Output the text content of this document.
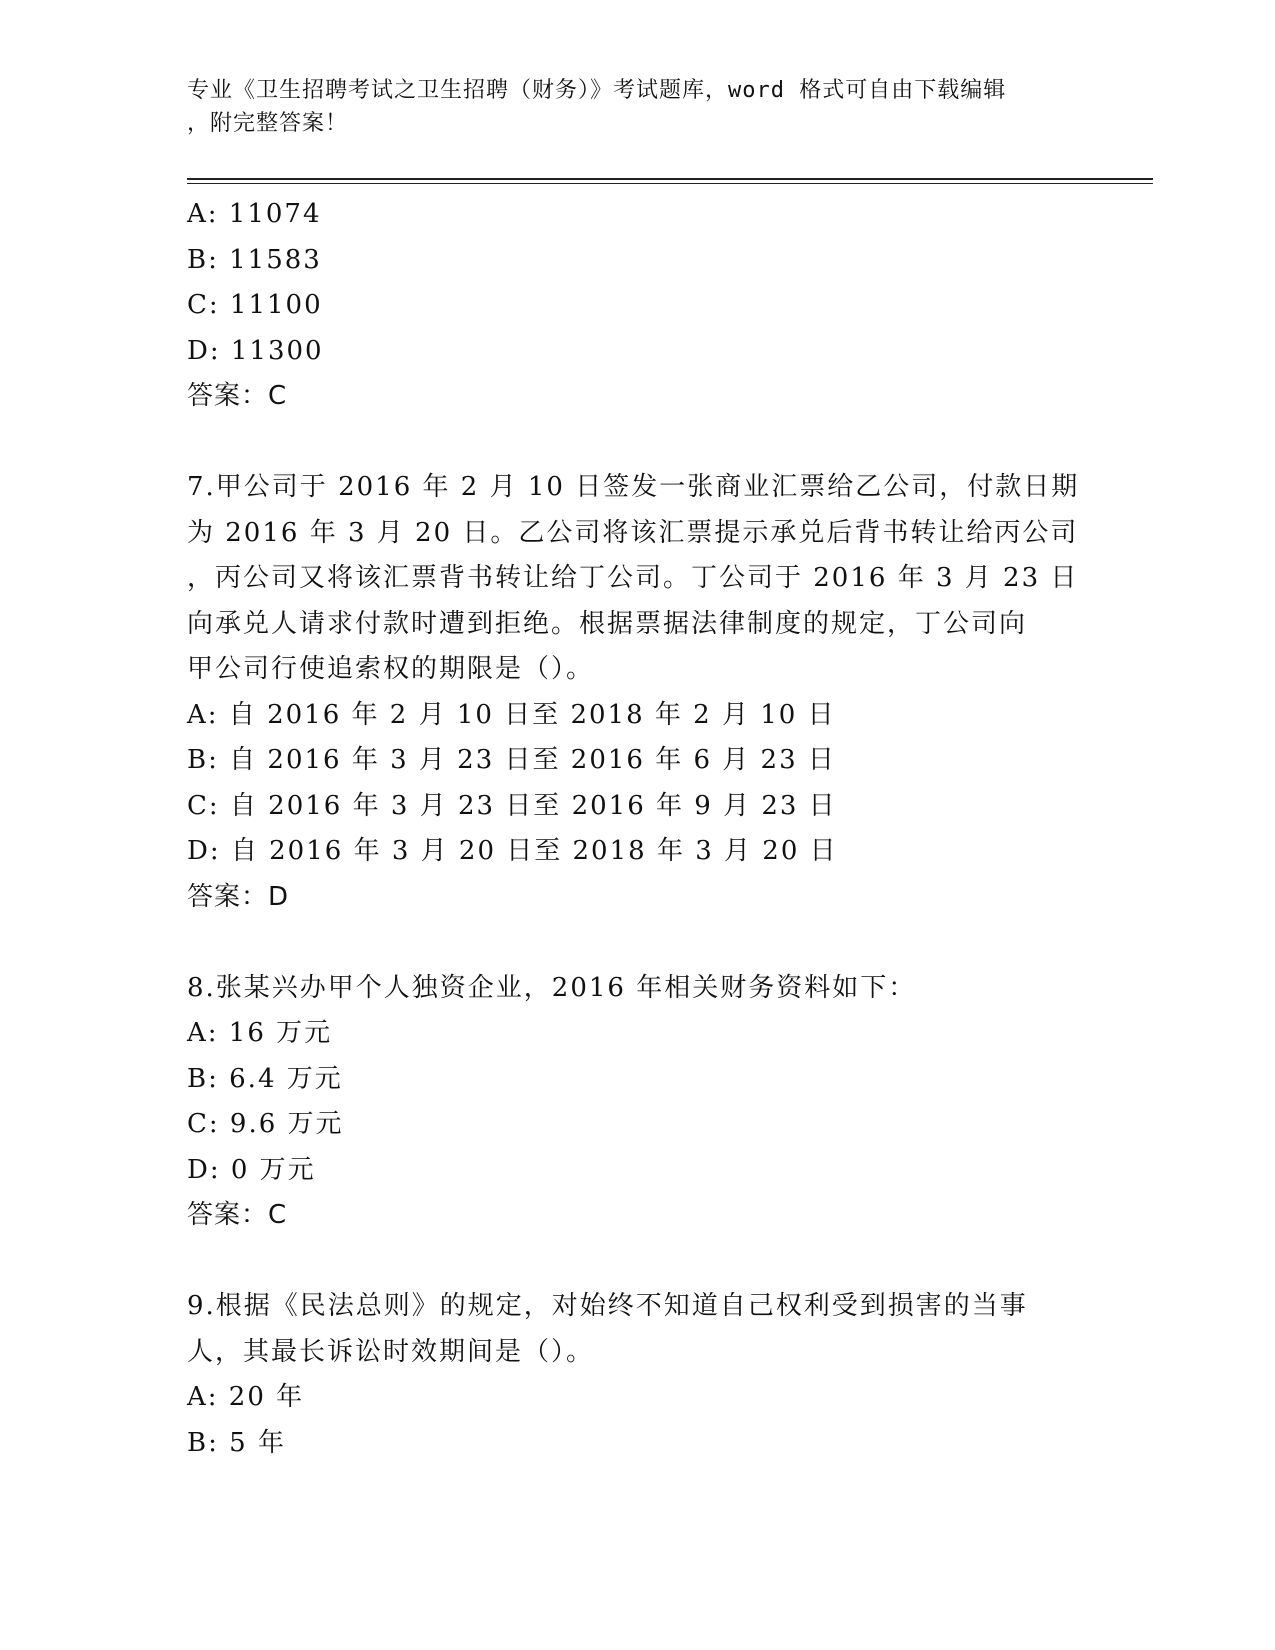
专业《卫生招聘考试之卫生招聘（财务）》考试题库，word 格式可自由下载编辑
，附完整答案！
A: 11074
B: 11583
C: 11100
D: 11300
答案：C
7.甲公司于 2016 年 2 月 10 日签发一张商业汇票给乙公司，付款日期
为 2016 年 3 月 20 日。乙公司将该汇票提示承兑后背书转让给丙公司
，丙公司又将该汇票背书转让给丁公司。丁公司于 2016 年 3 月 23 日
向承兑人请求付款时遭到拒绝。根据票据法律制度的规定，丁公司向
甲公司行使追索权的期限是（）。
A: 自 2016 年 2 月 10 日至 2018 年 2 月 10 日
B: 自 2016 年 3 月 23 日至 2016 年 6 月 23 日
C: 自 2016 年 3 月 23 日至 2016 年 9 月 23 日
D: 自 2016 年 3 月 20 日至 2018 年 3 月 20 日
答案：D
8.张某兴办甲个人独资企业，2016 年相关财务资料如下：
A: 16 万元
B: 6.4 万元
C: 9.6 万元
D: 0 万元
答案：C
9.根据《民法总则》的规定，对始终不知道自己权利受到损害的当事
人，其最长诉讼时效期间是（）。
A: 20 年
B: 5 年
